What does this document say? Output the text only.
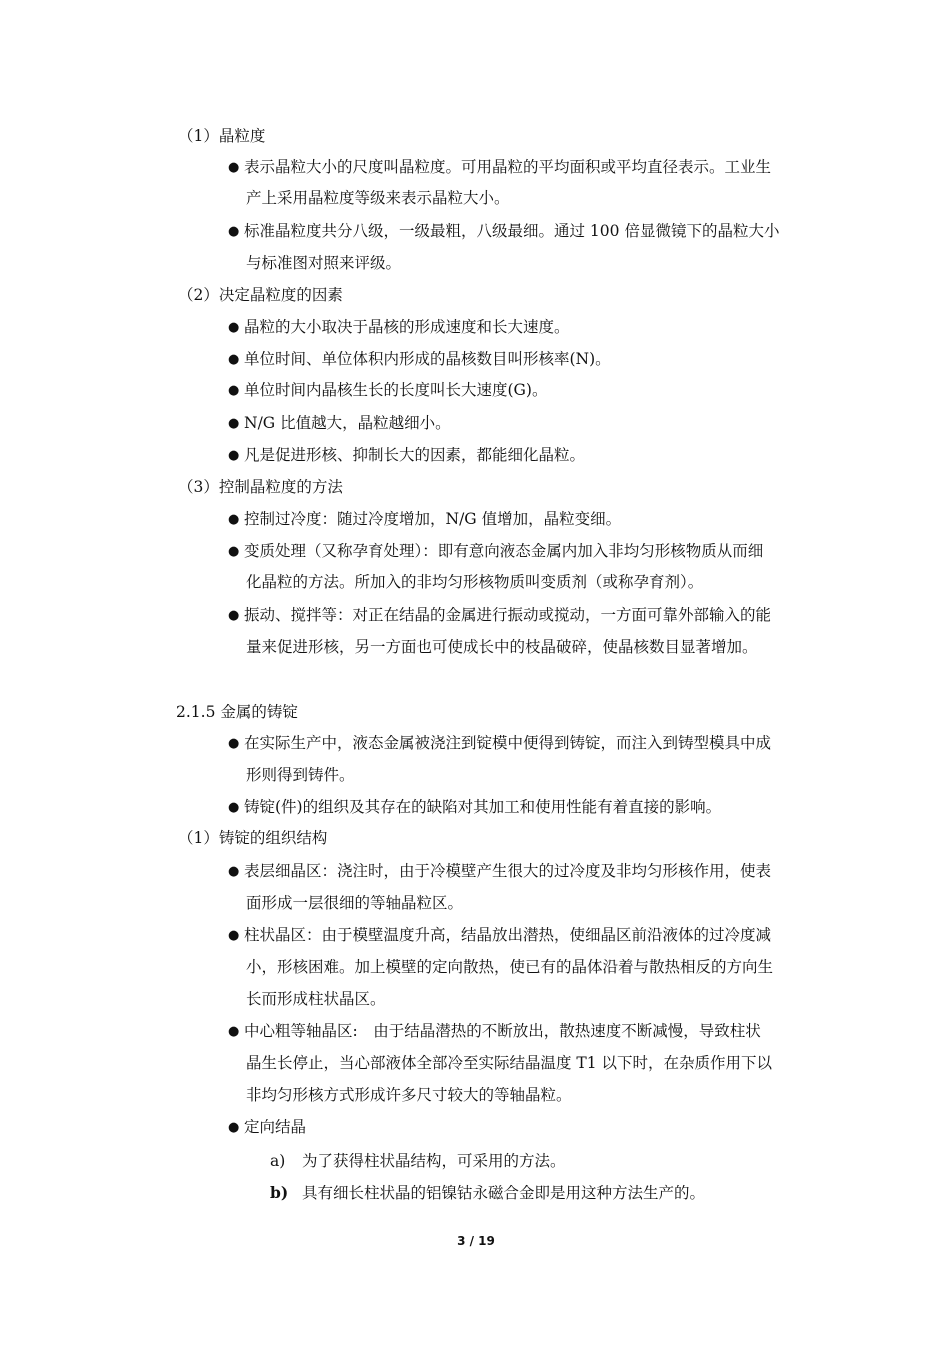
（1）晶粒度
● 表示晶粒大小的尺度叫晶粒度。可用晶粒的平均面积或平均直径表示。工业生
产上采用晶粒度等级来表示晶粒大小。
● 标准晶粒度共分八级，一级最粗，八级最细。通过 100 倍显微镜下的晶粒大小
与标准图对照来评级。
（2）决定晶粒度的因素
● 晶粒的大小取决于晶核的形成速度和长大速度。
● 单位时间、单位体积内形成的晶核数目叫形核率(N)。
● 单位时间内晶核生长的长度叫长大速度(G)。
● N/G 比值越大，晶粒越细小。
● 凡是促进形核、抑制长大的因素，都能细化晶粒。
（3）控制晶粒度的方法
● 控制过冷度：随过冷度增加，N/G 值增加，晶粒变细。
● 变质处理（又称孕育处理）：即有意向液态金属内加入非均匀形核物质从而细
化晶粒的方法。所加入的非均匀形核物质叫变质剂（或称孕育剂）。
● 振动、搅拌等：对正在结晶的金属进行振动或搅动，一方面可靠外部输入的能
量来促进形核，另一方面也可使成长中的枝晶破碎，使晶核数目显著增加。
2.1.5 金属的铸锭
● 在实际生产中，液态金属被浇注到锭模中便得到铸锭，而注入到铸型模具中成
形则得到铸件。
● 铸锭(件)的组织及其存在的缺陷对其加工和使用性能有着直接的影响。
（1）铸锭的组织结构
● 表层细晶区：浇注时，由于冷模壁产生很大的过冷度及非均匀形核作用，使表
面形成一层很细的等轴晶粒区。
● 柱状晶区：由于模壁温度升高，结晶放出潜热，使细晶区前沿液体的过冷度减
小，形核困难。加上模壁的定向散热，使已有的晶体沿着与散热相反的方向生
长而形成柱状晶区。
● 中心粗等轴晶区:　由于结晶潜热的不断放出，散热速度不断减慢，导致柱状
晶生长停止，当心部液体全部冷至实际结晶温度 T1 以下时，在杂质作用下以
非均匀形核方式形成许多尺寸较大的等轴晶粒。
● 定向结晶
a) 为了获得柱状晶结构，可采用的方法。
b) 具有细长柱状晶的铝镍钴永磁合金即是用这种方法生产的。
3 / 19
